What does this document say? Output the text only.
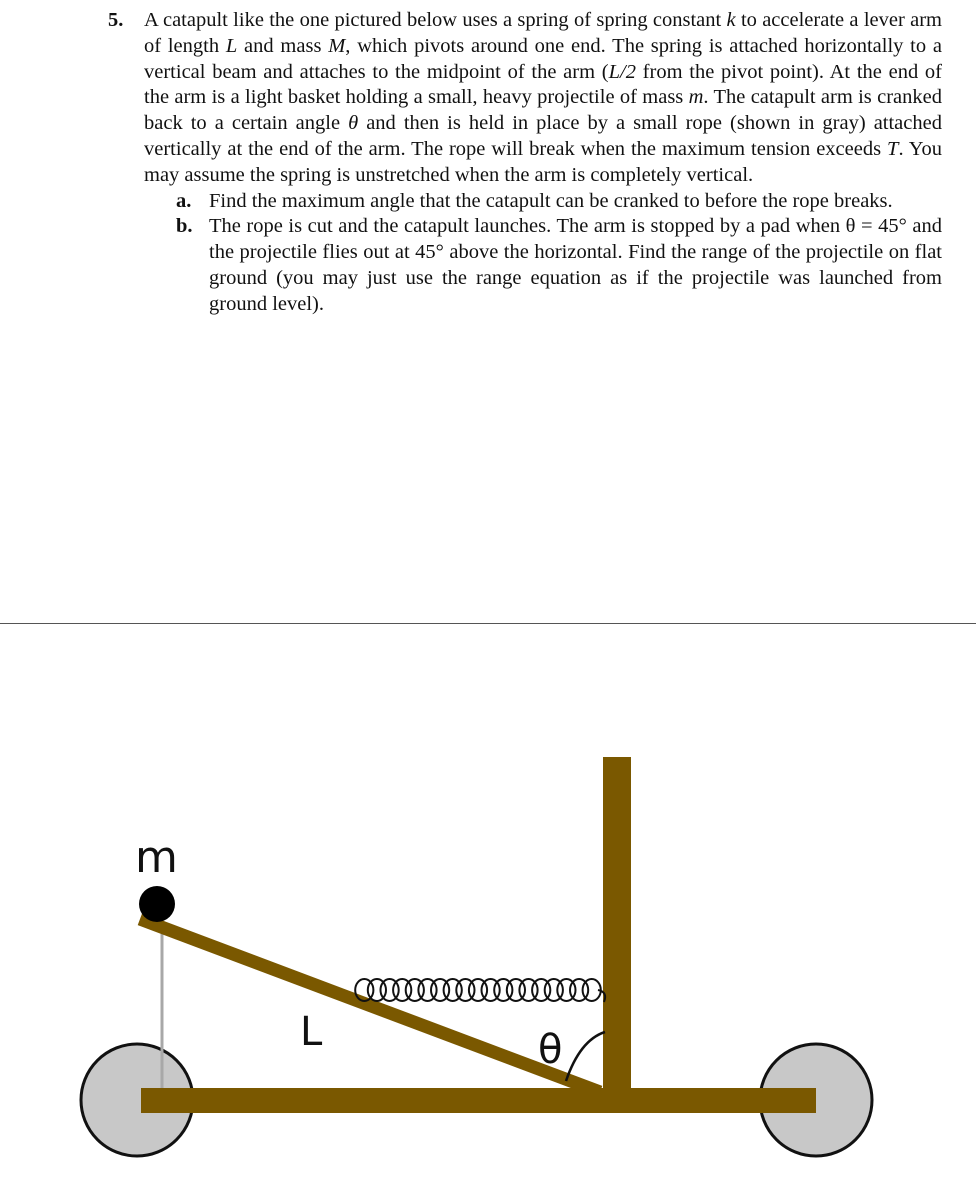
5.	A catapult like the one pictured below uses a spring of spring constant k to accelerate a lever arm of length L and mass M, which pivots around one end. The spring is attached horizontally to a vertical beam and attaches to the midpoint of the arm (L/2 from the pivot point). At the end of the arm is a light basket holding a small, heavy projectile of mass m. The catapult arm is cranked back to a certain angle θ and then is held in place by a small rope (shown in gray) attached vertically at the end of the arm. The rope will break when the maximum tension exceeds T. You may assume the spring is unstretched when the arm is completely vertical.
a. Find the maximum angle that the catapult can be cranked to before the rope breaks.
b. The rope is cut and the catapult launches. The arm is stopped by a pad when θ = 45° and the projectile flies out at 45° above the horizontal. Find the range of the projectile on flat ground (you may just use the range equation as if the projectile was launched from ground level).
m
L	θ
